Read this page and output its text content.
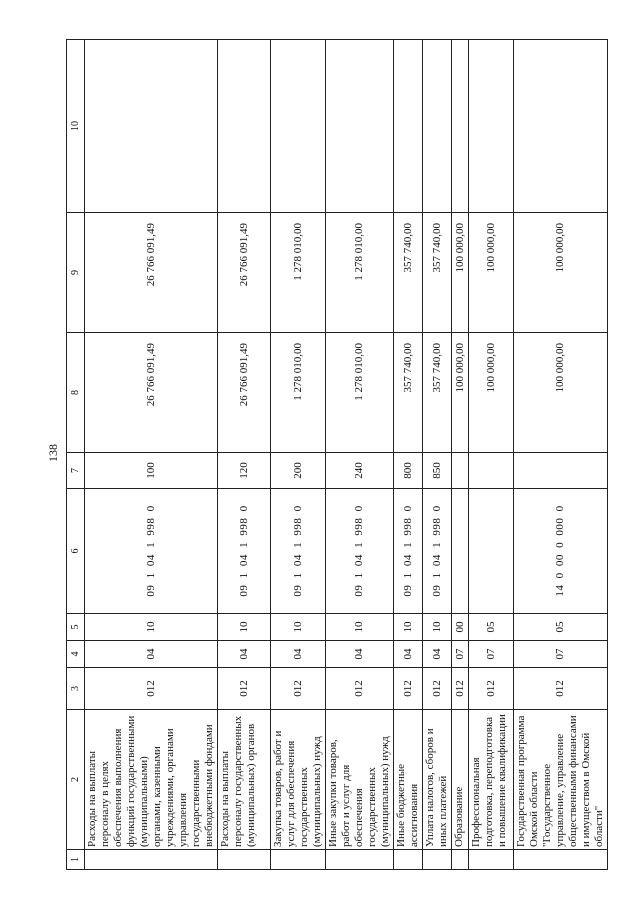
138
1	2	3	4	5	6	7	8	9	10
	Расходы на выплаты персоналу в целях обеспечения выполнения функций государственными (муниципальными) органами, казенными учреждениями, органами управления государственными внебюджетными фондами	012	04	10	09 1 04 1 998 0	100	26 766 091,49	26 766 091,49	
	Расходы на выплаты персоналу государственных (муниципальных) органов	012	04	10	09 1 04 1 998 0	120	26 766 091,49	26 766 091,49	
	Закупка товаров, работ и услуг для обеспечения государственных (муниципальных) нужд	012	04	10	09 1 04 1 998 0	200	1 278 010,00	1 278 010,00	
	Иные закупки товаров, работ и услуг для обеспечения государственных (муниципальных) нужд	012	04	10	09 1 04 1 998 0	240	1 278 010,00	1 278 010,00	
	Иные бюджетные ассигнования	012	04	10	09 1 04 1 998 0	800	357 740,00	357 740,00	
	Уплата налогов, сборов и иных платежей	012	04	10	09 1 04 1 998 0	850	357 740,00	357 740,00	
	Образование	012	07	00			100 000,00	100 000,00	
	Профессиональная подготовка, переподготовка и повышение квалификации	012	07	05			100 000,00	100 000,00	
	Государственная программа Омской области "Государственное управление, управление общественными финансами и имуществом в Омской области"	012	07	05	14 0 00 0 000 0		100 000,00	100 000,00	
